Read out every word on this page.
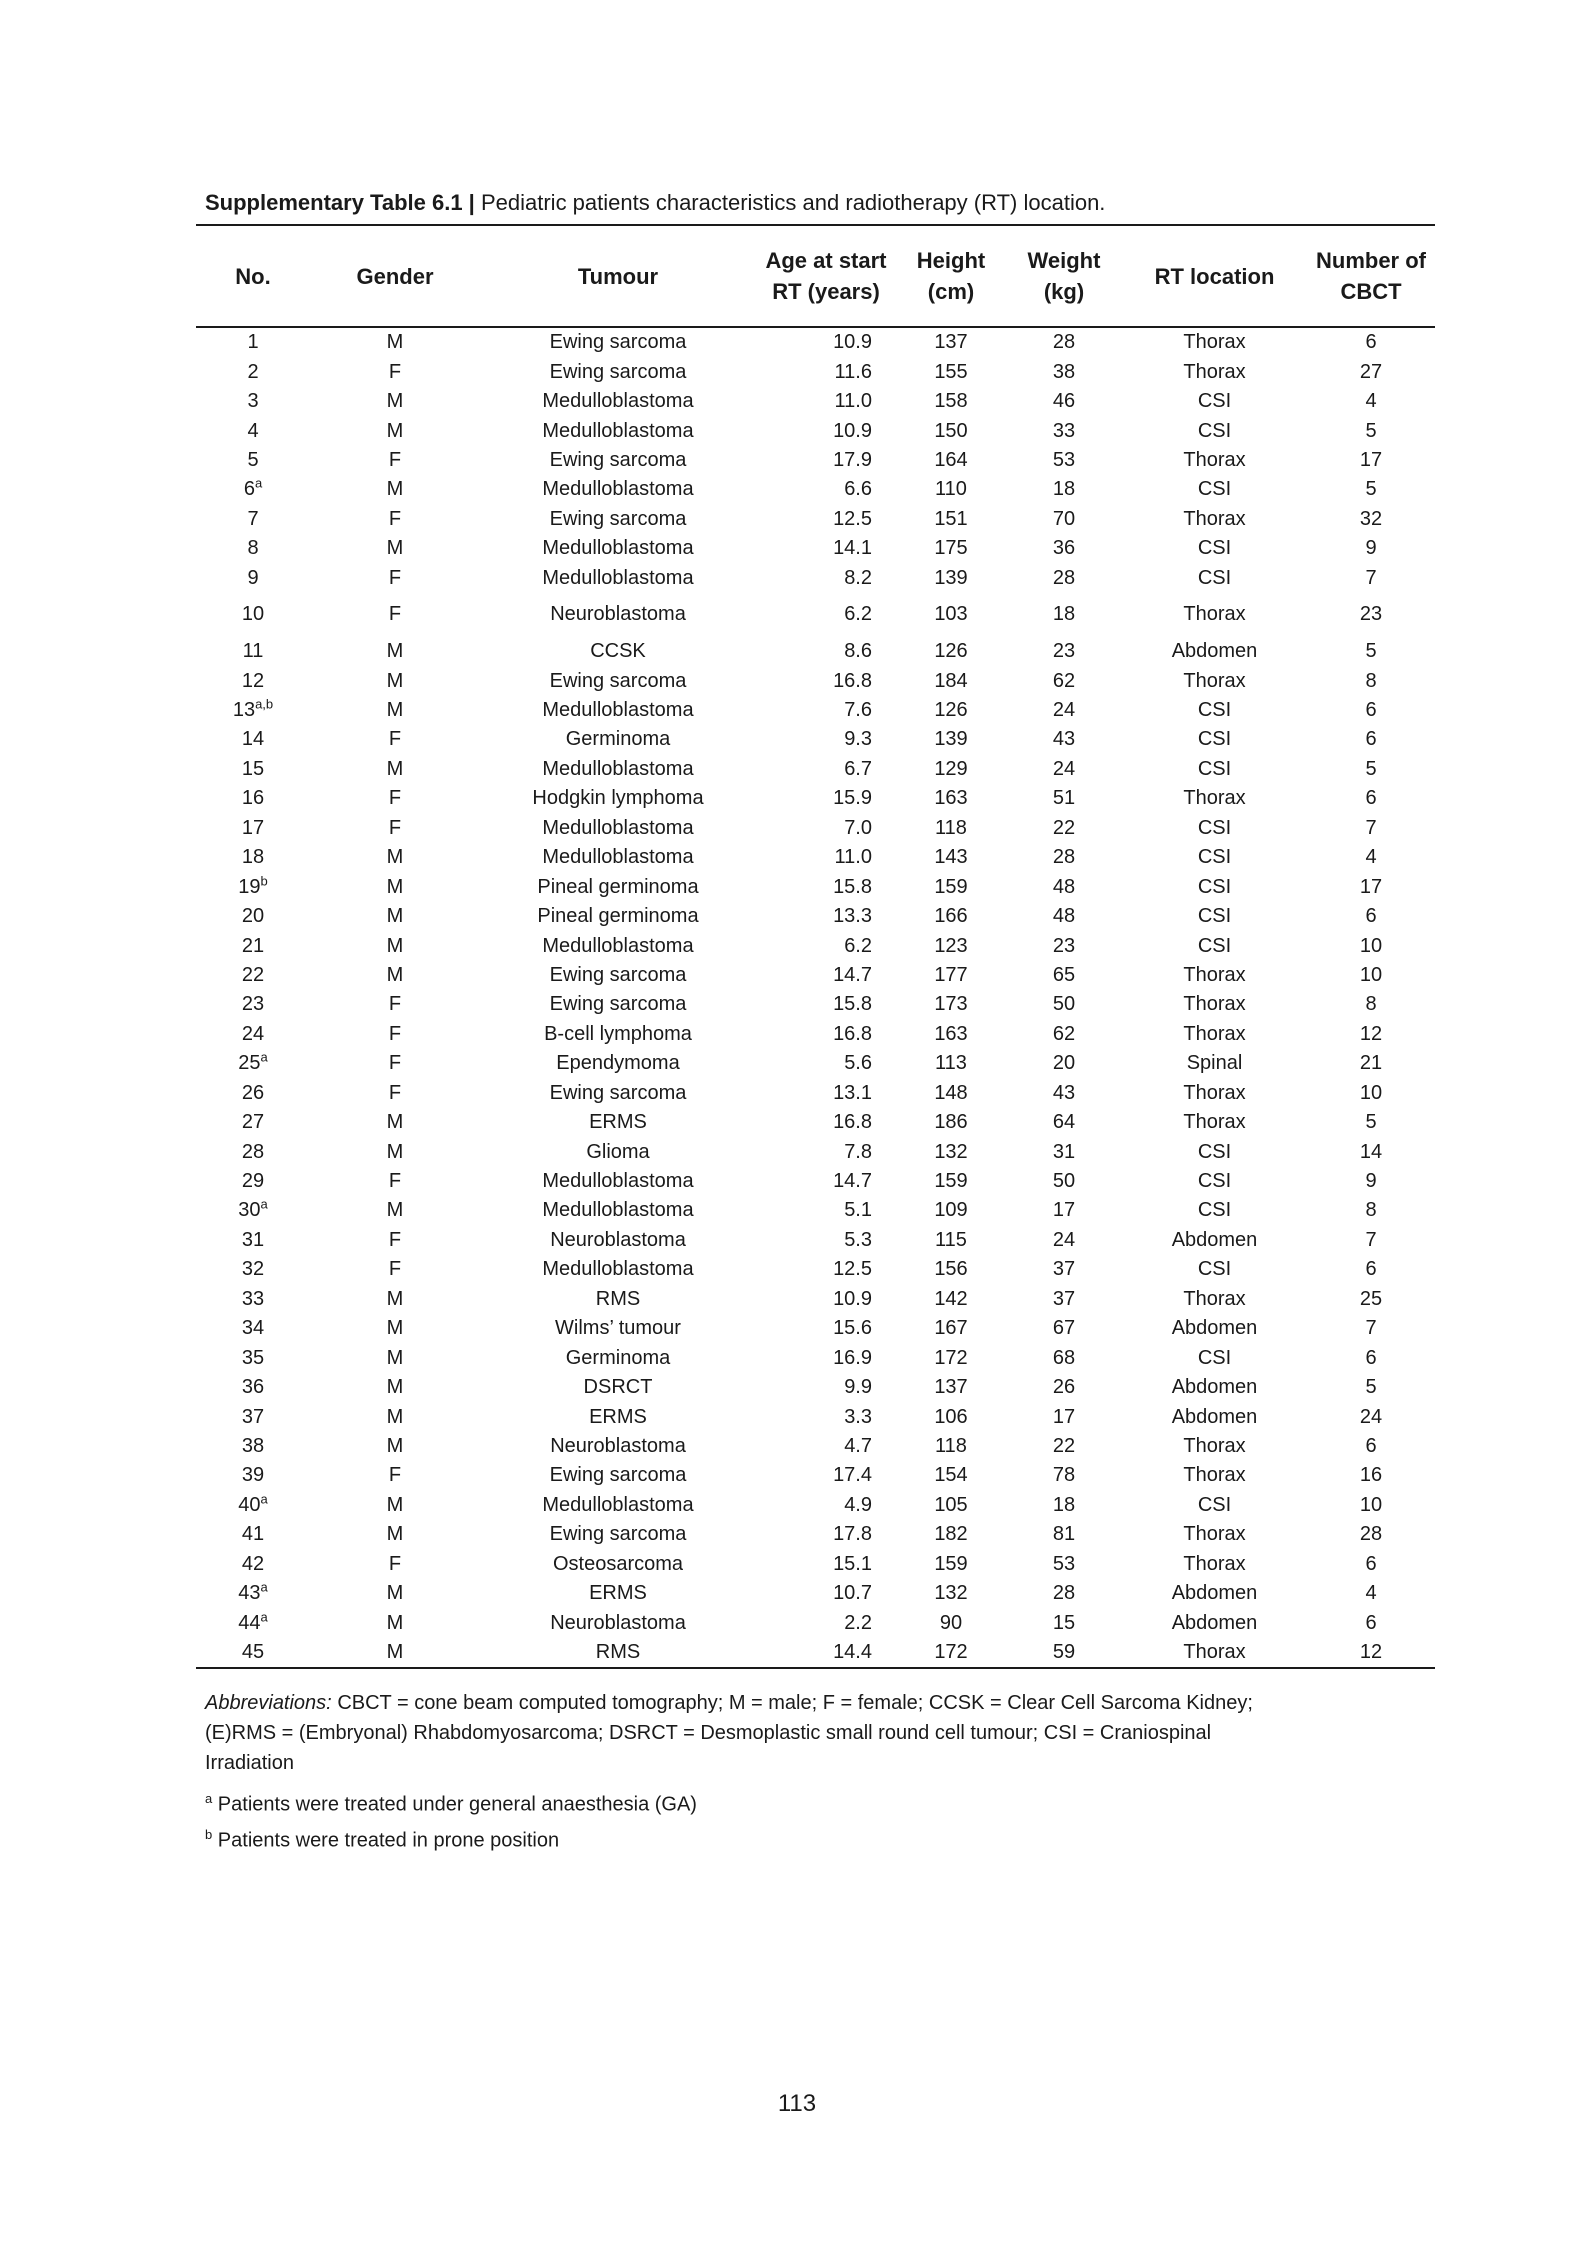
Supplementary Table 6.1 | Pediatric patients characteristics and radiotherapy (RT) location.
No.	Gender	Tumour	Age at start RT (years)	Height (cm)	Weight (kg)	RT location	Number of CBCT
1	M	Ewing sarcoma	10.9	137	28	Thorax	6
2	F	Ewing sarcoma	11.6	155	38	Thorax	27
3	M	Medulloblastoma	11.0	158	46	CSI	4
4	M	Medulloblastoma	10.9	150	33	CSI	5
5	F	Ewing sarcoma	17.9	164	53	Thorax	17
6$^a$	M	Medulloblastoma	6.6	110	18	CSI	5
7	F	Ewing sarcoma	12.5	151	70	Thorax	32
8	M	Medulloblastoma	14.1	175	36	CSI	9
9	F	Medulloblastoma	8.2	139	28	CSI	7
10	F	Neuroblastoma	6.2	103	18	Thorax	23
11	M	CCSK	8.6	126	23	Abdomen	5
12	M	Ewing sarcoma	16.8	184	62	Thorax	8
13$^{a,b}$	M	Medulloblastoma	7.6	126	24	CSI	6
14	F	Germinoma	9.3	139	43	CSI	6
15	M	Medulloblastoma	6.7	129	24	CSI	5
16	F	Hodgkin lymphoma	15.9	163	51	Thorax	6
17	F	Medulloblastoma	7.0	118	22	CSI	7
18	M	Medulloblastoma	11.0	143	28	CSI	4
19$^b$	M	Pineal germinoma	15.8	159	48	CSI	17
20	M	Pineal germinoma	13.3	166	48	CSI	6
21	M	Medulloblastoma	6.2	123	23	CSI	10
22	M	Ewing sarcoma	14.7	177	65	Thorax	10
23	F	Ewing sarcoma	15.8	173	50	Thorax	8
24	F	B-cell lymphoma	16.8	163	62	Thorax	12
25$^a$	F	Ependymoma	5.6	113	20	Spinal	21
26	F	Ewing sarcoma	13.1	148	43	Thorax	10
27	M	ERMS	16.8	186	64	Thorax	5
28	M	Glioma	7.8	132	31	CSI	14
29	F	Medulloblastoma	14.7	159	50	CSI	9
30$^a$	M	Medulloblastoma	5.1	109	17	CSI	8
31	F	Neuroblastoma	5.3	115	24	Abdomen	7
32	F	Medulloblastoma	12.5	156	37	CSI	6
33	M	RMS	10.9	142	37	Thorax	25
34	M	Wilms’ tumour	15.6	167	67	Abdomen	7
35	M	Germinoma	16.9	172	68	CSI	6
36	M	DSRCT	9.9	137	26	Abdomen	5
37	M	ERMS	3.3	106	17	Abdomen	24
38	M	Neuroblastoma	4.7	118	22	Thorax	6
39	F	Ewing sarcoma	17.4	154	78	Thorax	16
40$^a$	M	Medulloblastoma	4.9	105	18	CSI	10
41	M	Ewing sarcoma	17.8	182	81	Thorax	28
42	F	Osteosarcoma	15.1	159	53	Thorax	6
43$^a$	M	ERMS	10.7	132	28	Abdomen	4
44$^a$	M	Neuroblastoma	2.2	90	15	Abdomen	6
45	M	RMS	14.4	172	59	Thorax	12

Abbreviations: CBCT = cone beam computed tomography; M = male; F = female; CCSK = Clear Cell Sarcoma Kidney; (E)RMS = (Embryonal) Rhabdomyosarcoma; DSRCT = Desmoplastic small round cell tumour; CSI = Craniospinal Irradiation

$^a$ Patients were treated under general anaesthesia (GA)

$^b$ Patients were treated in prone position

113
